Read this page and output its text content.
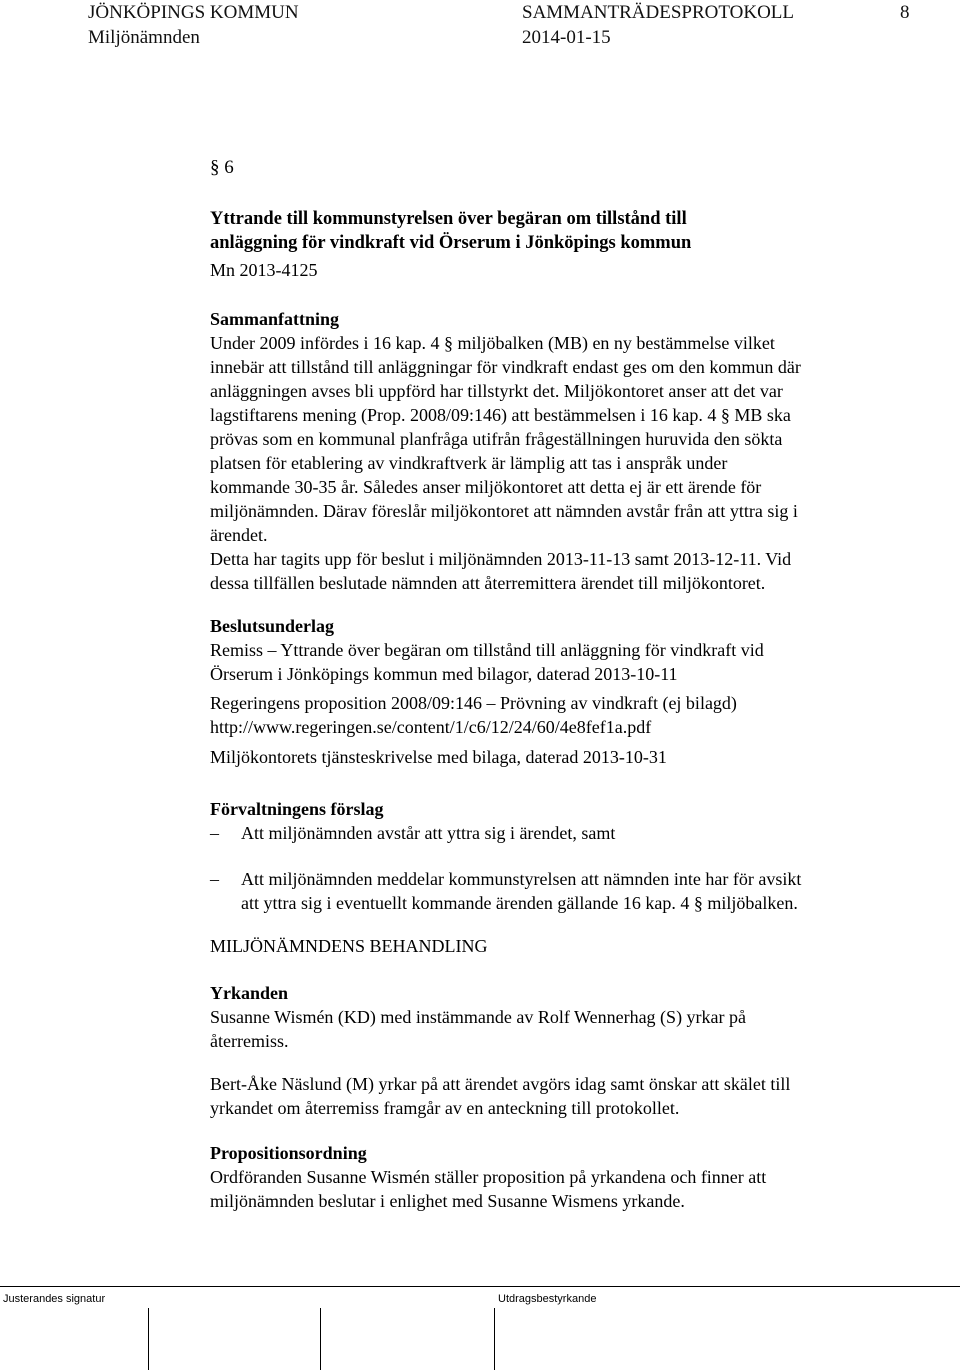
JÖNKÖPINGS KOMMUN	SAMMANTRÄDESPROTOKOLL	8
Miljönämnden	2014-01-15
§ 6
Yttrande till kommunstyrelsen över begäran om tillstånd till
anläggning för vindkraft vid Örserum i Jönköpings kommun
Mn 2013-4125
Sammanfattning
Under 2009 infördes i 16 kap. 4 § miljöbalken (MB) en ny bestämmelse vilket
innebär att tillstånd till anläggningar för vindkraft endast ges om den kommun där
anläggningen avses bli uppförd har tillstyrkt det. Miljökontoret anser att det var
lagstiftarens mening (Prop. 2008/09:146) att bestämmelsen i 16 kap. 4 § MB ska
prövas som en kommunal planfråga utifrån frågeställningen huruvida den sökta
platsen för etablering av vindkraftverk är lämplig att tas i anspråk under
kommande 30-35 år. Således anser miljökontoret att detta ej är ett ärende för
miljönämnden. Därav föreslår miljökontoret att nämnden avstår från att yttra sig i
ärendet.
Detta har tagits upp för beslut i miljönämnden 2013-11-13 samt 2013-12-11. Vid
dessa tillfällen beslutade nämnden att återremittera ärendet till miljökontoret.
Beslutsunderlag
Remiss – Yttrande över begäran om tillstånd till anläggning för vindkraft vid
Örserum i Jönköpings kommun med bilagor, daterad 2013-10-11
Regeringens proposition 2008/09:146 – Prövning av vindkraft (ej bilagd)
http://www.regeringen.se/content/1/c6/12/24/60/4e8fef1a.pdf
Miljökontorets tjänsteskrivelse med bilaga, daterad 2013-10-31
Förvaltningens förslag
– Att miljönämnden avstår att yttra sig i ärendet, samt
– Att miljönämnden meddelar kommunstyrelsen att nämnden inte har för avsikt
att yttra sig i eventuellt kommande ärenden gällande 16 kap. 4 § miljöbalken.
MILJÖNÄMNDENS BEHANDLING
Yrkanden
Susanne Wismén (KD) med instämmande av Rolf Wennerhag (S) yrkar på
återremiss.
Bert-Åke Näslund (M) yrkar på att ärendet avgörs idag samt önskar att skälet till
yrkandet om återremiss framgår av en anteckning till protokollet.
Propositionsordning
Ordföranden Susanne Wismén ställer proposition på yrkandena och finner att
miljönämnden beslutar i enlighet med Susanne Wismens yrkande.
Justerandes signatur	Utdragsbestyrkande
